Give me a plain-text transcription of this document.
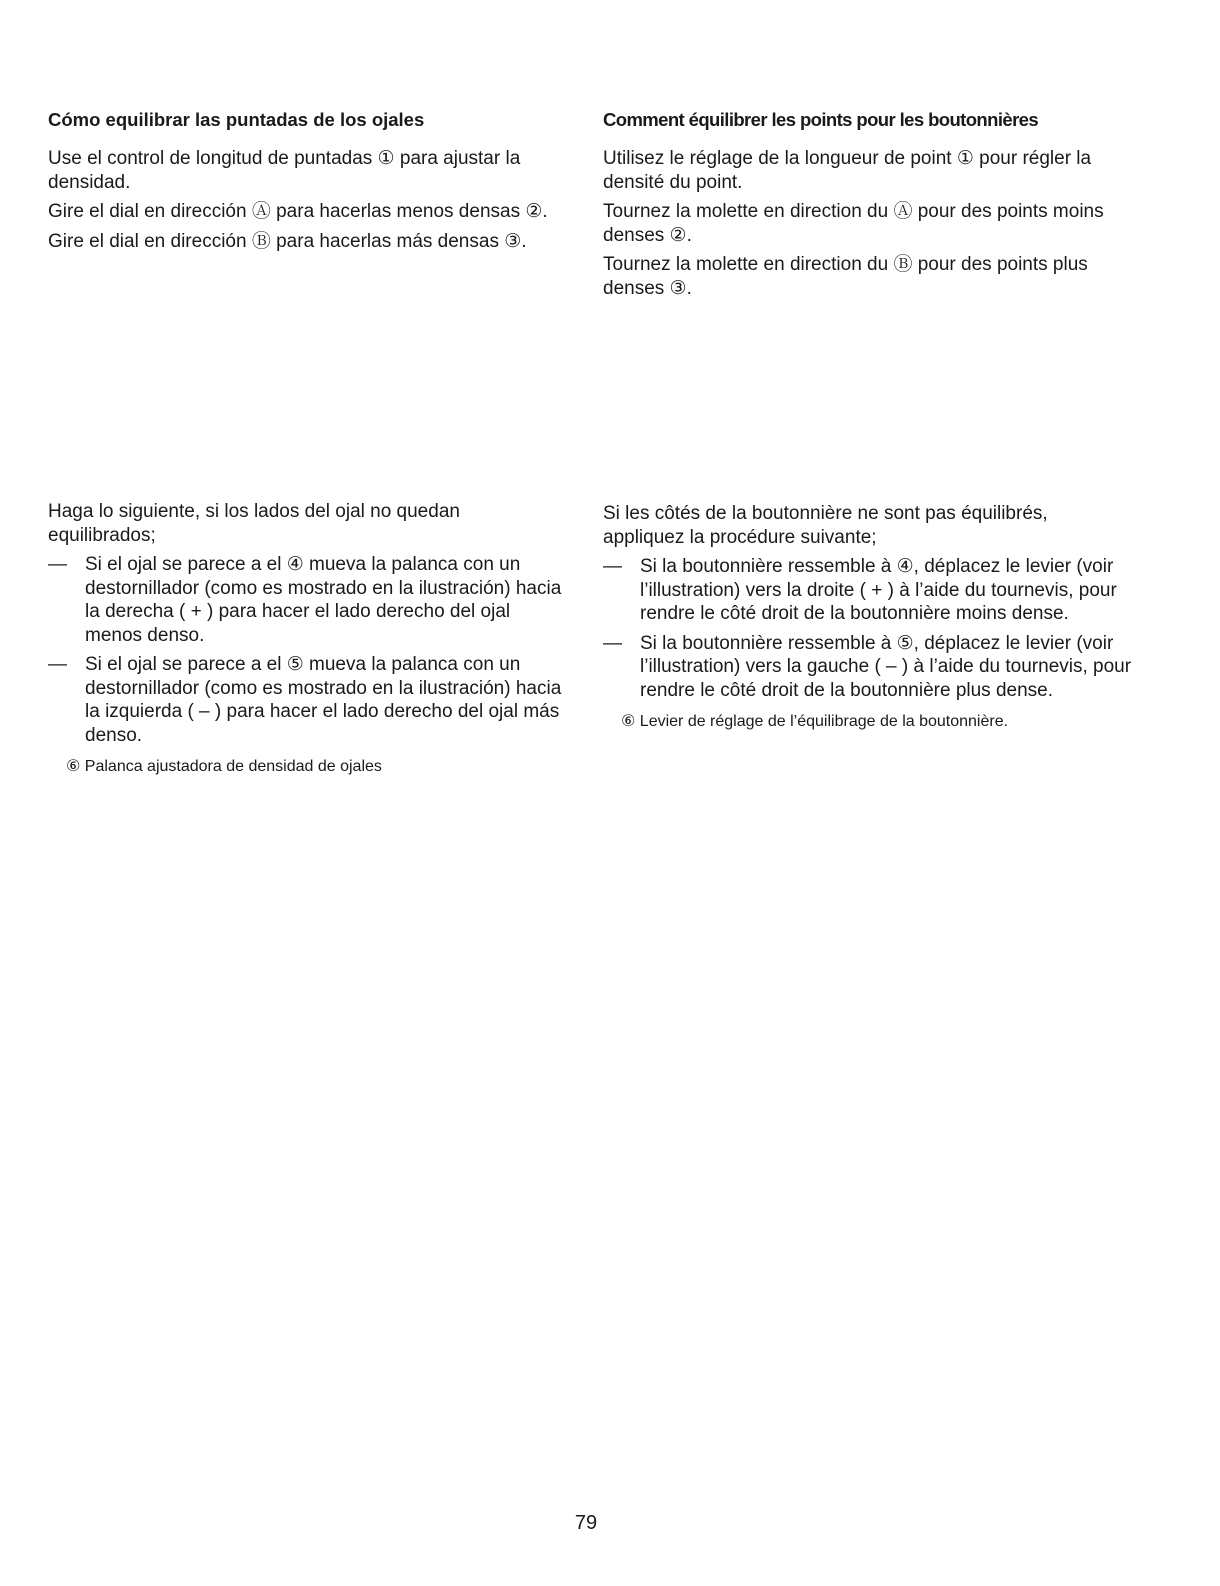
Cómo equilibrar las puntadas de los ojales

Use el control de longitud de puntadas ① para ajustar la densidad.

Gire el dial en dirección Ⓐ para hacerlas menos densas ②.

Gire el dial en dirección Ⓑ para hacerlas más densas ③.

Comment équilibrer les points pour les boutonnières

Utilisez le réglage de la longueur de point ① pour régler la densité du point.

Tournez la molette en direction du Ⓐ pour des points moins denses ②.

Tournez la molette en direction du Ⓑ pour des points plus denses ③.

Haga lo siguiente, si los lados del ojal no quedan equilibrados;

— Si el ojal se parece a el ④ mueva la palanca con un destornillador (como es mostrado en la ilustración) hacia la derecha ( + ) para hacer el lado derecho del ojal menos denso.
— Si el ojal se parece a el ⑤ mueva la palanca con un destornillador (como es mostrado en la ilustración) hacia la izquierda ( – ) para hacer el lado derecho del ojal más denso.
⑥ Palanca ajustadora de densidad de ojales

Si les côtés de la boutonnière ne sont pas équilibrés, appliquez la procédure suivante;

— Si la boutonnière ressemble à ④, déplacez le levier (voir l’illustration) vers la droite ( + ) à l’aide du tournevis, pour rendre le côté droit de la boutonnière moins dense.
— Si la boutonnière ressemble à ⑤, déplacez le levier (voir l’illustration) vers la gauche ( – ) à l’aide du tournevis, pour rendre le côté droit de la boutonnière plus dense.
⑥ Levier de réglage de l’équilibrage de la boutonnière.
79
